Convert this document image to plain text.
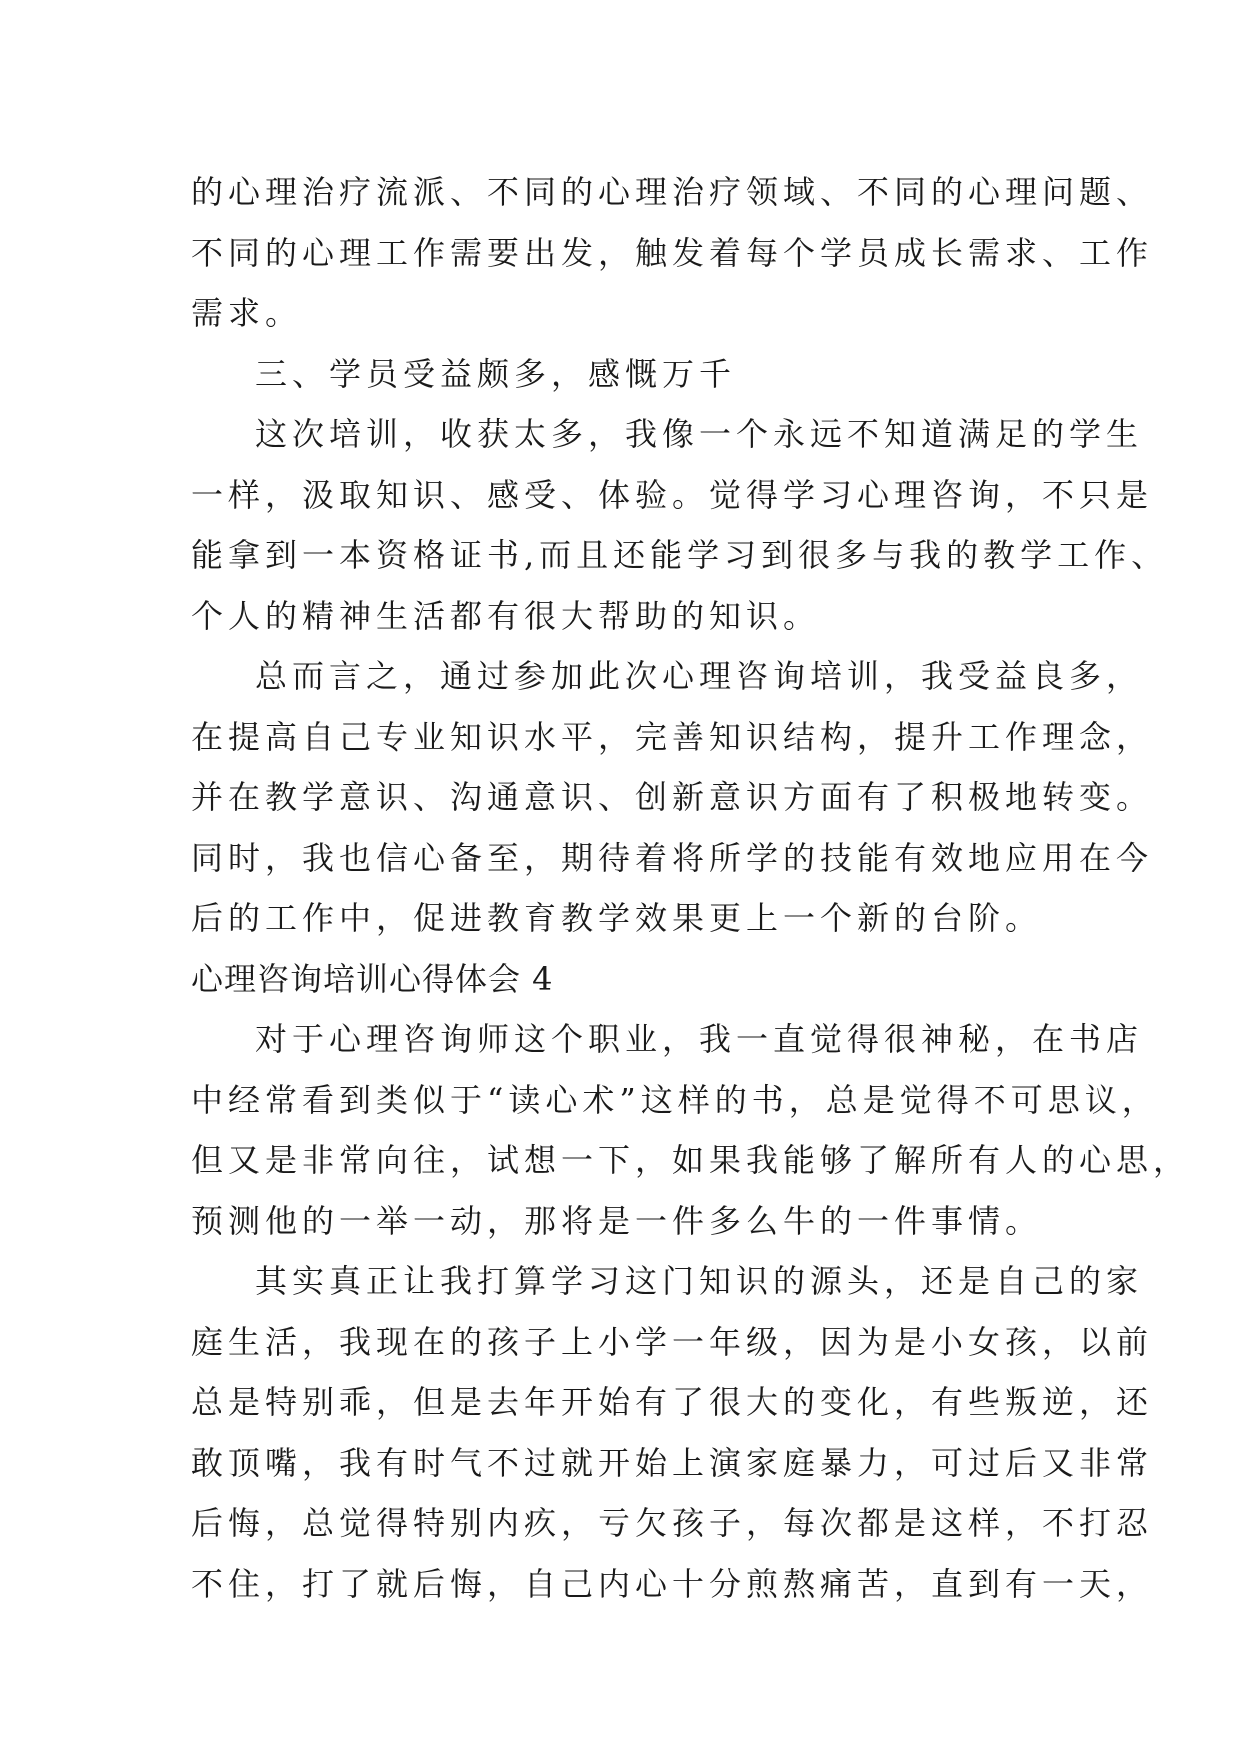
的心理治疗流派、不同的心理治疗领域、不同的心理问题、
不同的心理工作需要出发，触发着每个学员成长需求、工作
需求。
三、学员受益颇多，感慨万千
这次培训，收获太多，我像一个永远不知道满足的学生
一样，汲取知识、感受、体验。觉得学习心理咨询，不只是
能拿到一本资格证书,而且还能学习到很多与我的教学工作、
个人的精神生活都有很大帮助的知识。
总而言之，通过参加此次心理咨询培训，我受益良多，
在提高自己专业知识水平，完善知识结构，提升工作理念，
并在教学意识、沟通意识、创新意识方面有了积极地转变。
同时，我也信心备至，期待着将所学的技能有效地应用在今
后的工作中，促进教育教学效果更上一个新的台阶。
心理咨询培训心得体会 4
对于心理咨询师这个职业，我一直觉得很神秘，在书店
中经常看到类似于“读心术”这样的书，总是觉得不可思议，
但又是非常向往，试想一下，如果我能够了解所有人的心思，
预测他的一举一动，那将是一件多么牛的一件事情。
其实真正让我打算学习这门知识的源头，还是自己的家
庭生活，我现在的孩子上小学一年级，因为是小女孩，以前
总是特别乖，但是去年开始有了很大的变化，有些叛逆，还
敢顶嘴，我有时气不过就开始上演家庭暴力，可过后又非常
后悔，总觉得特别内疚，亏欠孩子，每次都是这样，不打忍
不住，打了就后悔，自己内心十分煎熬痛苦，直到有一天，
